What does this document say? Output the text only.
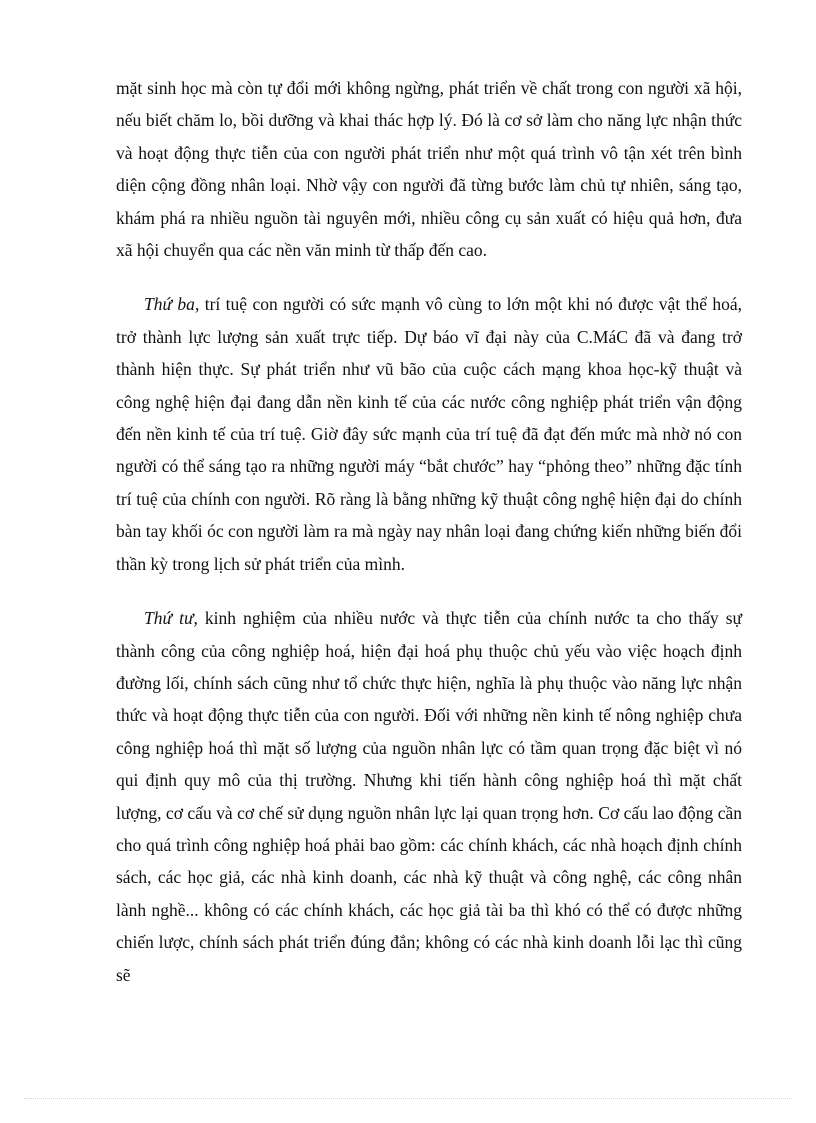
mặt sinh học mà còn tự đổi mới không ngừng, phát triển về chất trong con người xã hội, nếu biết chăm lo, bồi dưỡng và khai thác hợp lý. Đó là cơ sở làm cho năng lực nhận thức và hoạt động thực tiễn của con người phát triển như một quá trình vô tận xét trên bình diện cộng đồng nhân loại. Nhờ vậy con người đã từng bước làm chủ tự nhiên, sáng tạo, khám phá ra nhiều nguồn tài nguyên mới, nhiều công cụ sản xuất có hiệu quả hơn, đưa xã hội chuyển qua các nền văn minh từ thấp đến cao.

Thứ ba, trí tuệ con người có sức mạnh vô cùng to lớn một khi nó được vật thể hoá, trở thành lực lượng sản xuất trực tiếp. Dự báo vĩ đại này của C.MáC đã và đang trở thành hiện thực. Sự phát triển như vũ bão của cuộc cách mạng khoa học-kỹ thuật và công nghệ hiện đại đang dẫn nền kinh tế của các nước công nghiệp phát triển vận động đến nền kinh tế của trí tuệ. Giờ đây sức mạnh của trí tuệ đã đạt đến mức mà nhờ nó con người có thể sáng tạo ra những người máy “bắt chước” hay “phỏng theo” những đặc tính trí tuệ của chính con người. Rõ ràng là bằng những kỹ thuật công nghệ hiện đại do chính bàn tay khối óc con người làm ra mà ngày nay nhân loại đang chứng kiến những biến đổi thần kỳ trong lịch sử phát triển của mình.

Thứ tư, kinh nghiệm của nhiều nước và thực tiễn của chính nước ta cho thấy sự thành công của công nghiệp hoá, hiện đại hoá phụ thuộc chủ yếu vào việc hoạch định đường lối, chính sách cũng như tổ chức thực hiện, nghĩa là phụ thuộc vào năng lực nhận thức và hoạt động thực tiễn của con người. Đối với những nền kinh tế nông nghiệp chưa công nghiệp hoá thì mặt số lượng của nguồn nhân lực có tầm quan trọng đặc biệt vì nó qui định quy mô của thị trường. Nhưng khi tiến hành công nghiệp hoá thì mặt chất lượng, cơ cấu và cơ chế sử dụng nguồn nhân lực lại quan trọng hơn. Cơ cấu lao động cần cho quá trình công nghiệp hoá phải bao gồm: các chính khách, các nhà hoạch định chính sách, các học giả, các nhà kinh doanh, các nhà kỹ thuật và công nghệ, các công nhân lành nghề... không có các chính khách, các học giả tài ba thì khó có thể có được những chiến lược, chính sách phát triển đúng đắn; không có các nhà kinh doanh lỗi lạc thì cũng sẽ
